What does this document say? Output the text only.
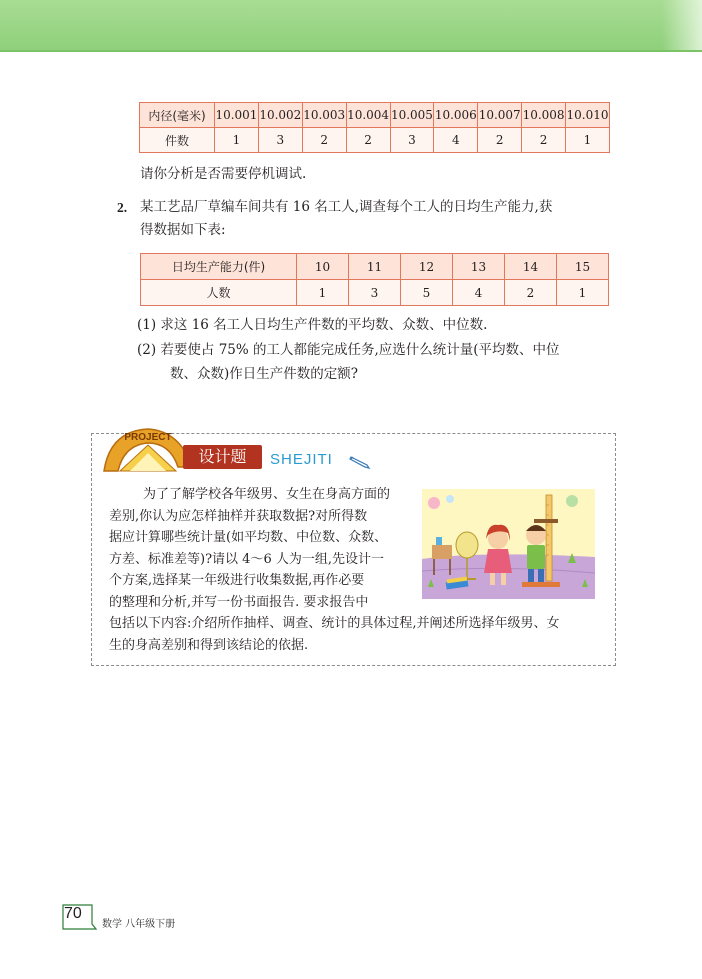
内径(毫米)	10.001	10.002	10.003	10.004	10.005	10.006	10.007	10.008	10.010
件数	1	3	2	2	3	4	2	2	1
请你分析是否需要停机调试.
2. 某工艺品厂草编车间共有 16 名工人,调查每个工人的日均生产能力,获
得数据如下表:
日均生产能力(件)	10	11	12	13	14	15
人数	1	3	5	4	2	1
(1) 求这 16 名工人日均生产件数的平均数、众数、中位数.
(2) 若要使占 75% 的工人都能完成任务,应选什么统计量(平均数、中位
数、众数)作日生产件数的定额?
PROJECT
设计题	SHEJITI
为了了解学校各年级男、女生在身高方面的
差别,你认为应怎样抽样并获取数据?对所得数
据应计算哪些统计量(如平均数、中位数、众数、
方差、标准差等)?请以 4～6 人为一组,先设计一
个方案,选择某一年级进行收集数据,再作必要
的整理和分析,并写一份书面报告. 要求报告中
包括以下内容:介绍所作抽样、调查、统计的具体过程,并阐述所选择年级男、女
生的身高差别和得到该结论的依据.
70
数学 八年级下册
